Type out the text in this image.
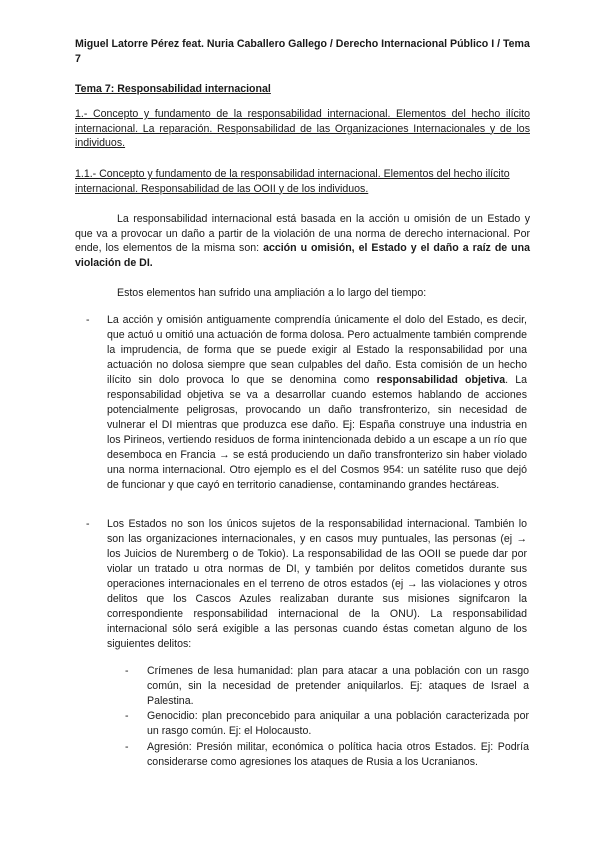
Miguel Latorre Pérez feat. Nuria Caballero Gallego / Derecho Internacional Público I / Tema 7
Tema 7: Responsabilidad internacional
1.- Concepto y fundamento de la responsabilidad internacional. Elementos del hecho ilícito internacional. La reparación. Responsabilidad de las Organizaciones Internacionales y de los individuos.
1.1.- Concepto y fundamento de la responsabilidad internacional. Elementos del hecho ilícito internacional. Responsabilidad de las OOII y de los individuos.
La responsabilidad internacional está basada en la acción u omisión de un Estado y que va a provocar un daño a partir de la violación de una norma de derecho internacional. Por ende, los elementos de la misma son: acción u omisión, el Estado y el daño a raíz de una violación de DI.
Estos elementos han sufrido una ampliación a lo largo del tiempo:
- La acción y omisión antiguamente comprendía únicamente el dolo del Estado, es decir, que actuó u omitió una actuación de forma dolosa. Pero actualmente también comprende la imprudencia, de forma que se puede exigir al Estado la responsabilidad por una actuación no dolosa siempre que sean culpables del daño. Esta comisión de un hecho ilícito sin dolo provoca lo que se denomina como responsabilidad objetiva. La responsabilidad objetiva se va a desarrollar cuando estemos hablando de acciones potencialmente peligrosas, provocando un daño transfronterizo, sin necesidad de vulnerar el DI mientras que produzca ese daño. Ej: España construye una industria en los Pirineos, vertiendo residuos de forma inintencionada debido a un escape a un río que desemboca en Francia → se está produciendo un daño transfronterizo sin haber violado una norma internacional. Otro ejemplo es el del Cosmos 954: un satélite ruso que dejó de funcionar y que cayó en territorio canadiense, contaminando grandes hectáreas.
- Los Estados no son los únicos sujetos de la responsabilidad internacional. También lo son las organizaciones internacionales, y en casos muy puntuales, las personas (ej → los Juicios de Nuremberg o de Tokio). La responsabilidad de las OOII se puede dar por violar un tratado u otra normas de DI, y también por delitos cometidos durante sus operaciones internacionales en el terreno de otros estados (ej → las violaciones y otros delitos que los Cascos Azules realizaban durante sus misiones signifcaron la correspondiente responsabilidad internacional de la ONU). La responsabilidad internacional sólo será exigible a las personas cuando éstas cometan alguno de los siguientes delitos:
- Crímenes de lesa humanidad: plan para atacar a una población con un rasgo común, sin la necesidad de pretender aniquilarlos. Ej: ataques de Israel a Palestina.
- Genocidio: plan preconcebido para aniquilar a una población caracterizada por un rasgo común. Ej: el Holocausto.
- Agresión: Presión militar, económica o política hacia otros Estados. Ej: Podría considerarse como agresiones los ataques de Rusia a los Ucranianos.
